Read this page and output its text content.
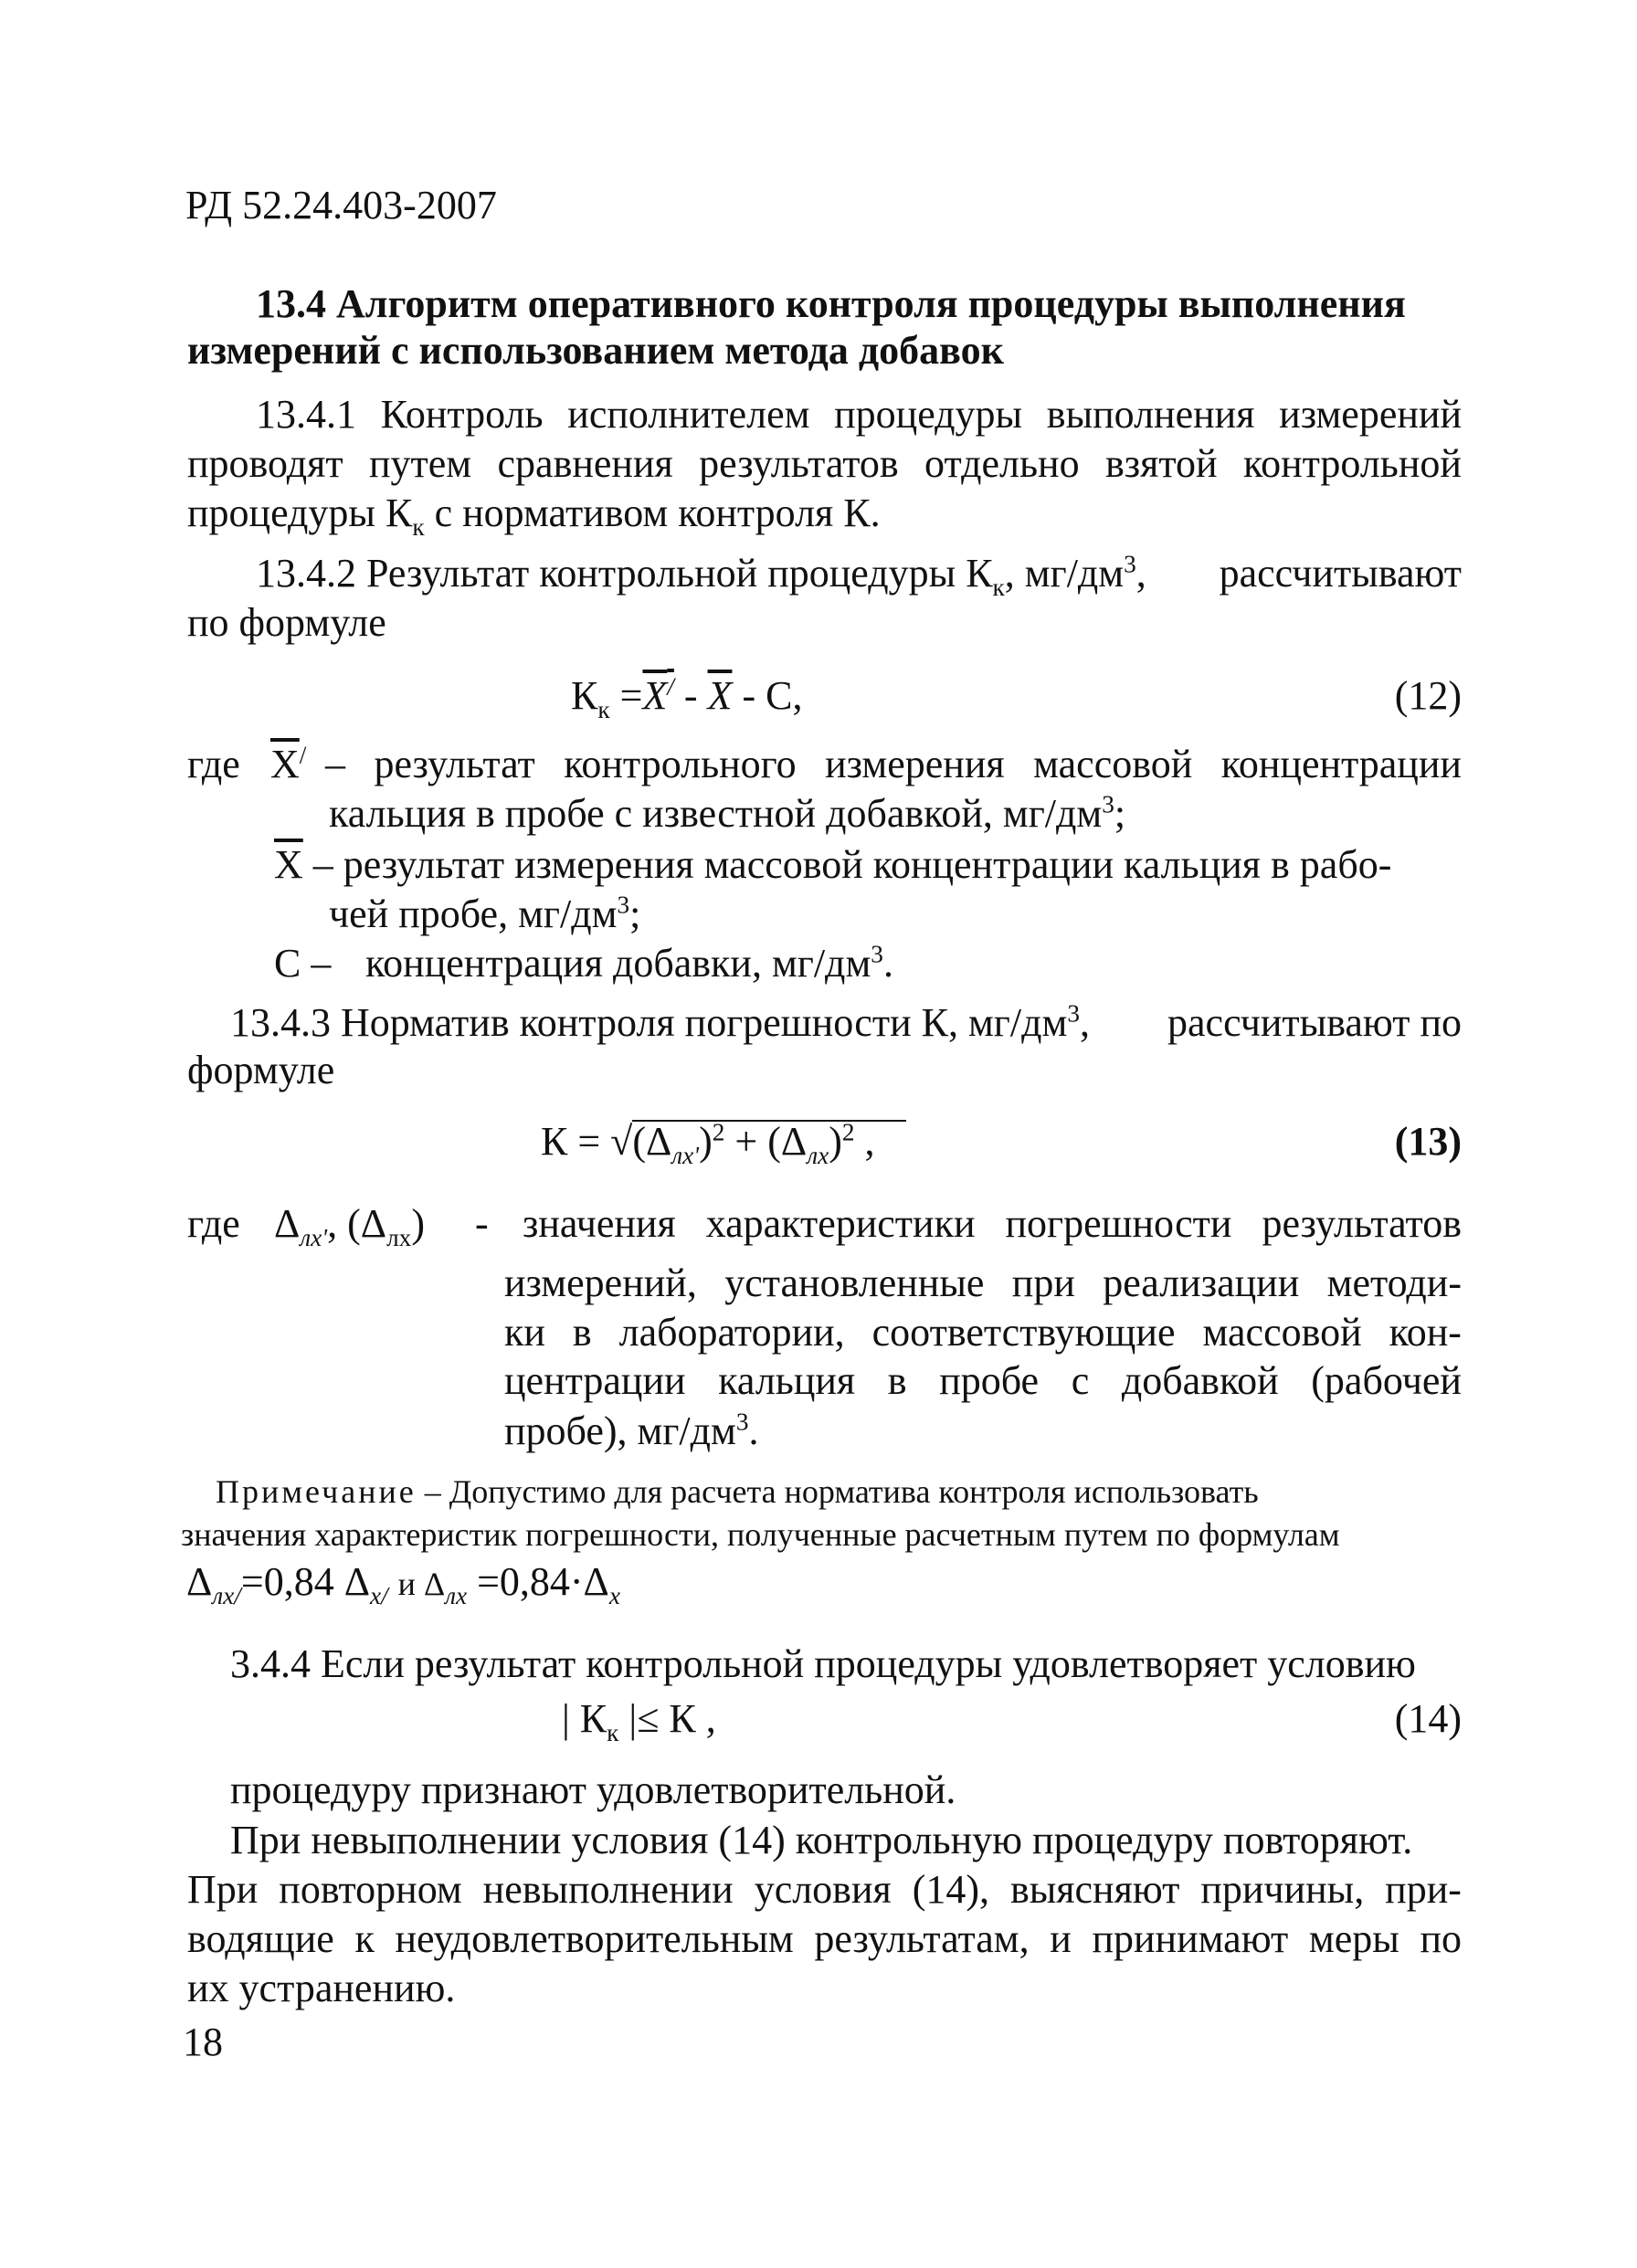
РД 52.24.403-2007
13.4 Алгоритм оперативного контроля процедуры выполнения
измерений с использованием метода добавок
13.4.1 Контроль исполнителем процедуры выполнения измерений
проводят путем сравнения результатов отдельно взятой контрольной
процедуры $К_к$ с нормативом контроля К.
13.4.2 Результат контрольной процедуры $К_к$, $мг/дм^3$, рассчитывают
по формуле
$К_к =X^/ - \overline{X} - С$,	(12)
где $\overline{X}^/$ – результат контрольного измерения массовой концентрации
кальция в пробе с известной добавкой, $мг/дм^3$;
$\overline{X}$ – результат измерения массовой концентрации кальция в рабо-
чей пробе, $мг/дм^3$;
С – концентрация добавки, $мг/дм^3$.
13.4.3 Норматив контроля погрешности К, $мг/дм^3$, рассчитывают по
формуле
$К = √(\Delta_{лх'})^2 + (\Delta_{лх})^2$ ,	(13)
где $\Delta_{лх'}$, $(\Delta_{лх})$ - значения характеристики погрешности результатов
измерений, установленные при реализации методи-
ки в лаборатории, соответствующие массовой кон-
центрации кальция в пробе с добавкой (рабочей
пробе), $мг/дм^3$.
Примечание – Допустимо для расчета норматива контроля использовать
значения характеристик погрешности, полученные расчетным путем по формулам
$\Delta_{лх/}=0,84$ $\Delta_{х/}$ и $\Delta_{лх} =0,84\cdot\Delta_х$
3.4.4 Если результат контрольной процедуры удовлетворяет условию
| $К_к$ |≤ К ,	(14)
процедуру признают удовлетворительной.
При невыполнении условия (14) контрольную процедуру повторяют.
При повторном невыполнении условия (14), выясняют причины, при-
водящие к неудовлетворительным результатам, и принимают меры по
их устранению.
18
